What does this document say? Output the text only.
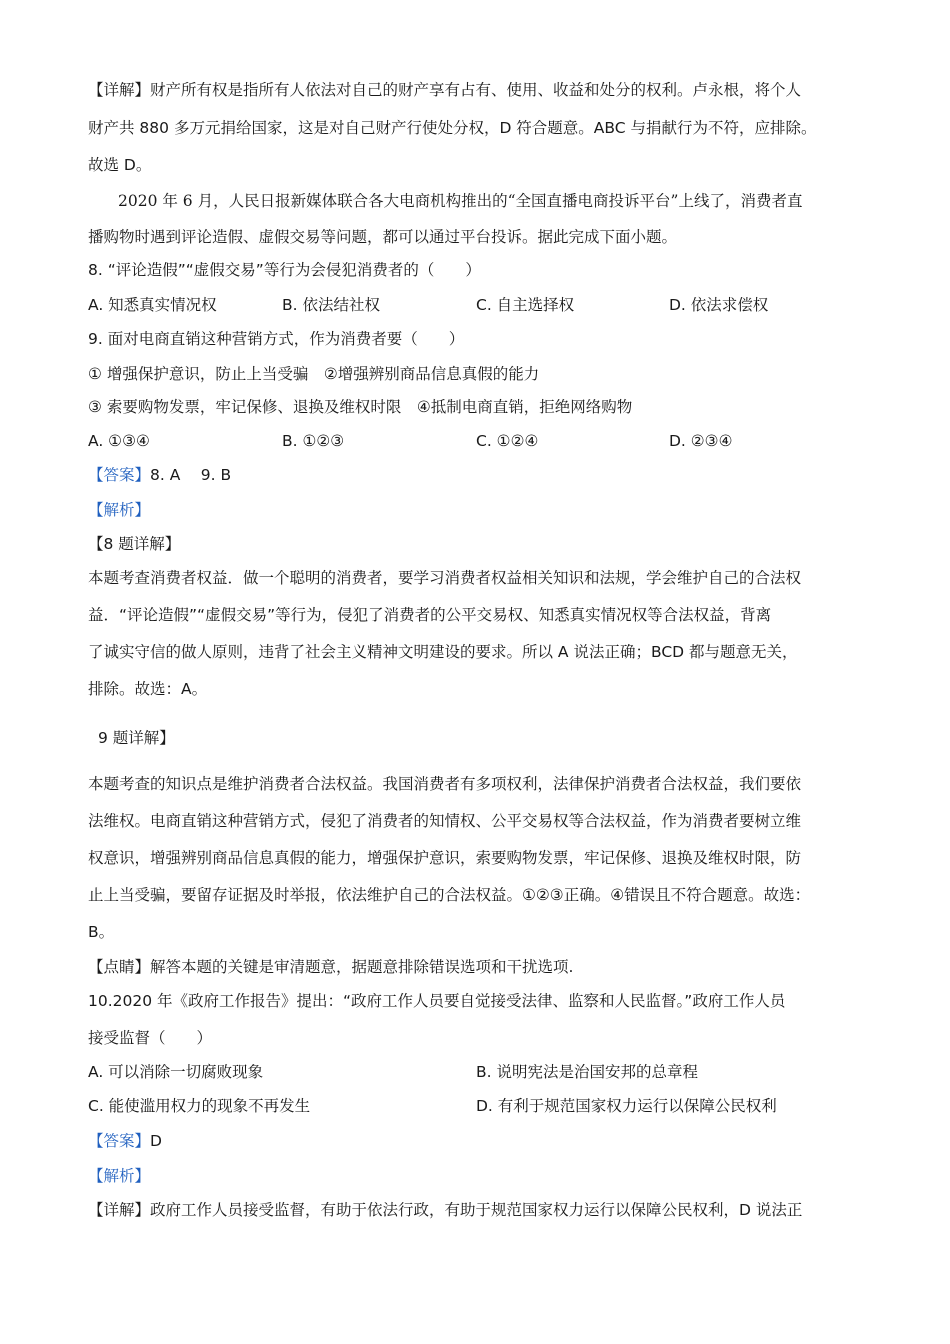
【详解】财产所有权是指所有人依法对自己的财产享有占有、使用、收益和处分的权利。卢永根，将个人
财产共 880 多万元捐给国家，这是对自己财产行使处分权，D 符合题意。ABC 与捐献行为不符，应排除。
故选 D。
2020 年 6 月，人民日报新媒体联合各大电商机构推出的“全国直播电商投诉平台”上线了，消费者直
播购物时遇到评论造假、虚假交易等问题，都可以通过平台投诉。据此完成下面小题。
8. “评论造假”“虚假交易”等行为会侵犯消费者的（　　）
A. 知悉真实情况权	B. 依法结社权	C. 自主选择权	D. 依法求偿权
9. 面对电商直销这种营销方式，作为消费者要（　　）
① 增强保护意识，防止上当受骗　②增强辨别商品信息真假的能力
③ 索要购物发票，牢记保修、退换及维权时限　④抵制电商直销，拒绝网络购物
A. ①③④	B. ①②③	C. ①②④	D. ②③④
【答案】8. A　 9. B
【解析】
【8 题详解】
本题考查消费者权益．做一个聪明的消费者，要学习消费者权益相关知识和法规，学会维护自己的合法权
益．“评论造假”“虚假交易”等行为，侵犯了消费者的公平交易权、知悉真实情况权等合法权益，背离
了诚实守信的做人原则，违背了社会主义精神文明建设的要求。所以 A 说法正确；BCD 都与题意无关，
排除。故选：A。
9 题详解】
本题考查的知识点是维护消费者合法权益。我国消费者有多项权利，法律保护消费者合法权益，我们要依
法维权。电商直销这种营销方式，侵犯了消费者的知情权、公平交易权等合法权益，作为消费者要树立维
权意识，增强辨别商品信息真假的能力，增强保护意识，索要购物发票，牢记保修、退换及维权时限，防
止上当受骗，要留存证据及时举报，依法维护自己的合法权益。①②③正确。④错误且不符合题意。故选：
B。
【点睛】解答本题的关键是审清题意，据题意排除错误选项和干扰选项.
10.2020 年《政府工作报告》提出：“政府工作人员要自觉接受法律、监察和人民监督。”政府工作人员
接受监督（　　）
A. 可以消除一切腐败现象	B. 说明宪法是治国安邦的总章程
C. 能使滥用权力的现象不再发生	D. 有利于规范国家权力运行以保障公民权利
【答案】D
【解析】
【详解】政府工作人员接受监督，有助于依法行政，有助于规范国家权力运行以保障公民权利，D 说法正
